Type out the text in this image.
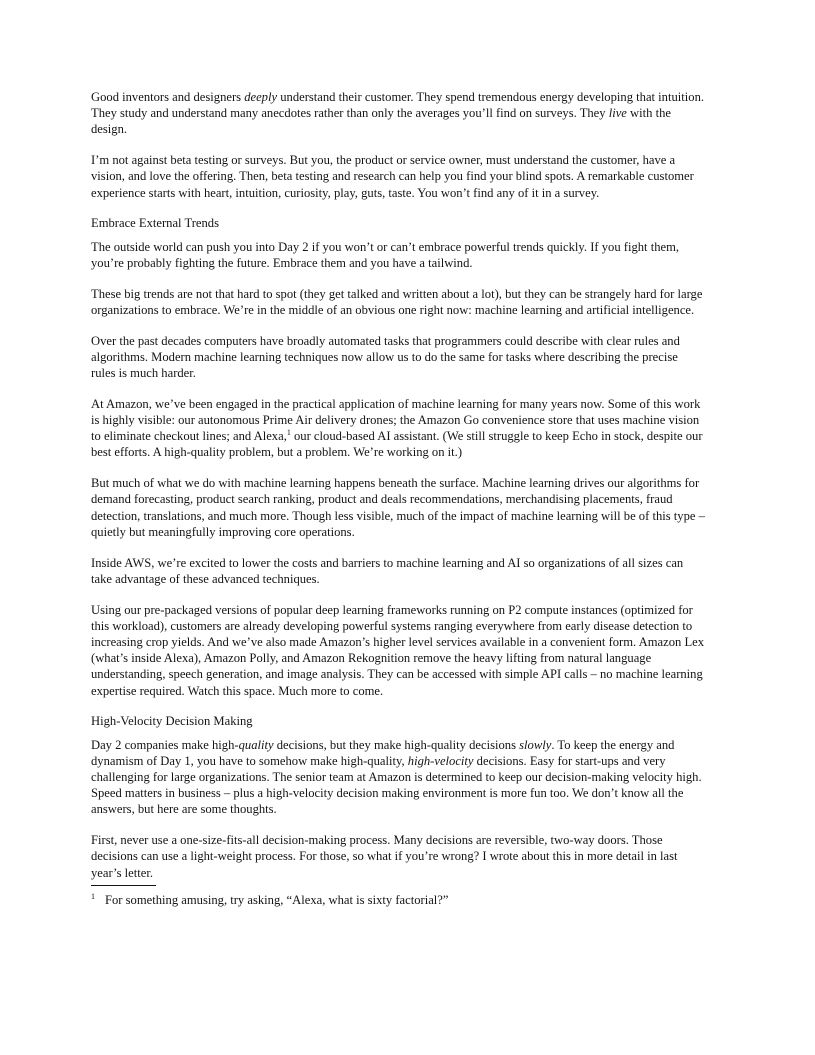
Good inventors and designers deeply understand their customer. They spend tremendous energy developing that intuition. They study and understand many anecdotes rather than only the averages you’ll find on surveys. They live with the design.

I’m not against beta testing or surveys. But you, the product or service owner, must understand the customer, have a vision, and love the offering. Then, beta testing and research can help you find your blind spots. A remarkable customer experience starts with heart, intuition, curiosity, play, guts, taste. You won’t find any of it in a survey.

Embrace External Trends

The outside world can push you into Day 2 if you won’t or can’t embrace powerful trends quickly. If you fight them, you’re probably fighting the future. Embrace them and you have a tailwind.

These big trends are not that hard to spot (they get talked and written about a lot), but they can be strangely hard for large organizations to embrace. We’re in the middle of an obvious one right now: machine learning and artificial intelligence.

Over the past decades computers have broadly automated tasks that programmers could describe with clear rules and algorithms. Modern machine learning techniques now allow us to do the same for tasks where describing the precise rules is much harder.

At Amazon, we’ve been engaged in the practical application of machine learning for many years now. Some of this work is highly visible: our autonomous Prime Air delivery drones; the Amazon Go convenience store that uses machine vision to eliminate checkout lines; and Alexa,$^1$ our cloud-based AI assistant. (We still struggle to keep Echo in stock, despite our best efforts. A high-quality problem, but a problem. We’re working on it.)

But much of what we do with machine learning happens beneath the surface. Machine learning drives our algorithms for demand forecasting, product search ranking, product and deals recommendations, merchandising placements, fraud detection, translations, and much more. Though less visible, much of the impact of machine learning will be of this type – quietly but meaningfully improving core operations.

Inside AWS, we’re excited to lower the costs and barriers to machine learning and AI so organizations of all sizes can take advantage of these advanced techniques.

Using our pre-packaged versions of popular deep learning frameworks running on P2 compute instances (optimized for this workload), customers are already developing powerful systems ranging everywhere from early disease detection to increasing crop yields. And we’ve also made Amazon’s higher level services available in a convenient form. Amazon Lex (what’s inside Alexa), Amazon Polly, and Amazon Rekognition remove the heavy lifting from natural language understanding, speech generation, and image analysis. They can be accessed with simple API calls – no machine learning expertise required. Watch this space. Much more to come.

High-Velocity Decision Making

Day 2 companies make high-quality decisions, but they make high-quality decisions slowly. To keep the energy and dynamism of Day 1, you have to somehow make high-quality, high-velocity decisions. Easy for start-ups and very challenging for large organizations. The senior team at Amazon is determined to keep our decision-making velocity high. Speed matters in business – plus a high-velocity decision making environment is more fun too. We don’t know all the answers, but here are some thoughts.

First, never use a one-size-fits-all decision-making process. Many decisions are reversible, two-way doors. Those decisions can use a light-weight process. For those, so what if you’re wrong? I wrote about this in more detail in last year’s letter.

$^1$ For something amusing, try asking, “Alexa, what is sixty factorial?”
